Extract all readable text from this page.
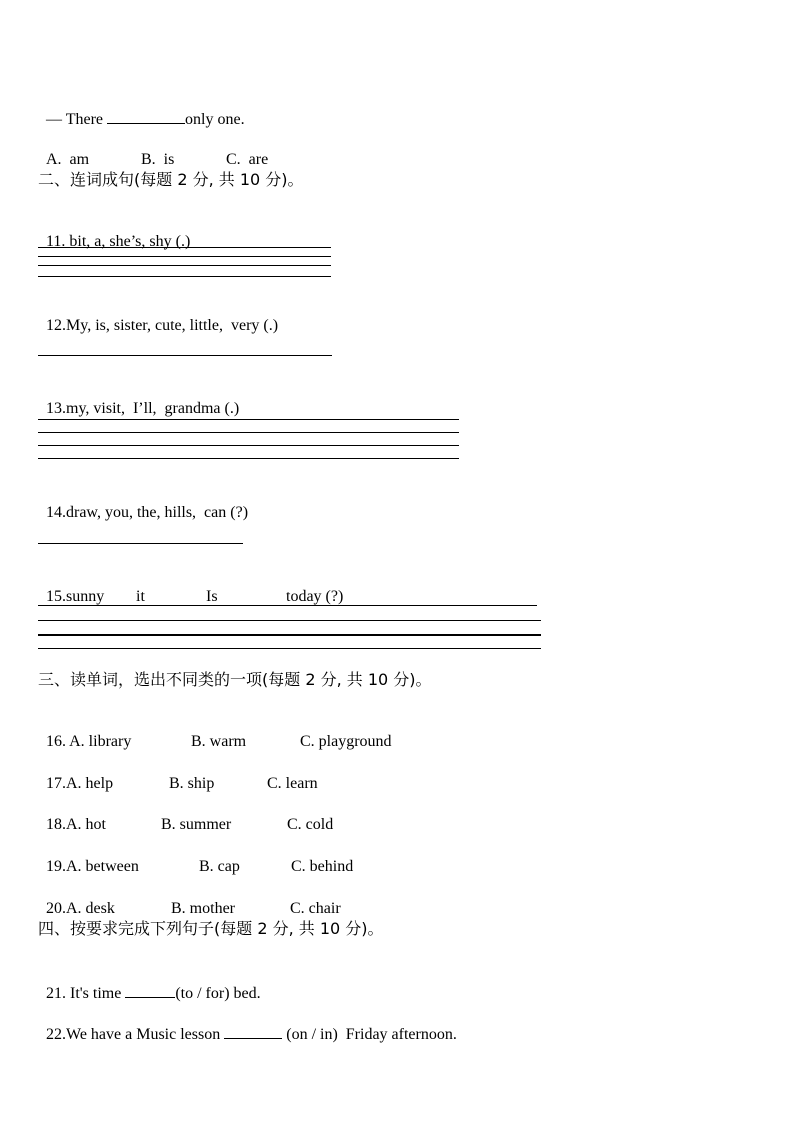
— There	only one.

A.  am	B.  is	C.  are

二、连词成句(每题 2 分, 共 10 分)。

11. bit, a, she’s, shy (.)

12.My, is, sister, cute, little,  very (.)

13.my, visit,  I’ll,  grandma (.)

14.draw, you, the, hills,  can (?)

15.sunny it	Is	today (?)

三、读单词，选出不同类的一项(每题 2 分, 共 10 分)。

16. A. library	B. warm	C. playground

17.A. help	B. ship	C. learn

18.A. hot	B. summer	C. cold

19.A. between	B. cap	C. behind

20.A. desk	B. mother	C. chair

四、按要求完成下列句子(每题 2 分, 共 10 分)。

21. It's time	(to / for) bed.

22.We have a Music lesson	(on / in)  Friday afternoon.
